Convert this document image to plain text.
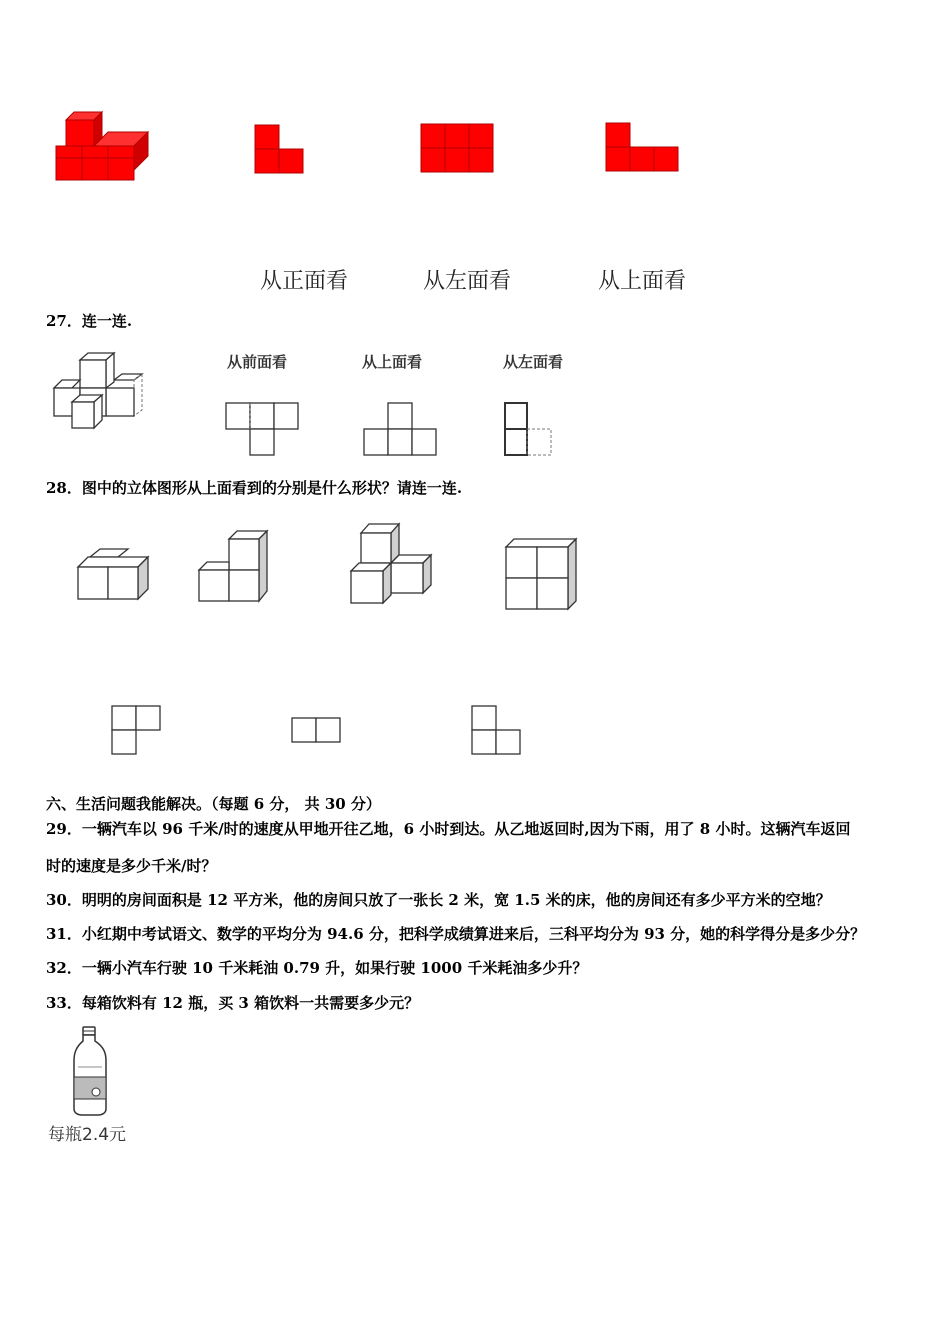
从正面看	从左面看	从上面看
27．连一连.
从前面看	从上面看	从左面看
28．图中的立体图形从上面看到的分别是什么形状？请连一连.
六、生活问题我能解决。（每题 6 分， 共 30 分）
29．一辆汽车以 96 千米/时的速度从甲地开往乙地，6 小时到达。从乙地返回时,因为下雨，用了 8 小时。这辆汽车返回
时的速度是多少千米/时？
30．明明的房间面积是 12 平方米，他的房间只放了一张长 2 米，宽 1.5 米的床，他的房间还有多少平方米的空地？
31．小红期中考试语文、数学的平均分为 94.6 分，把科学成绩算进来后，三科平均分为 93 分，她的科学得分是多少分？
32．一辆小汽车行驶 10 千米耗油 0.79 升，如果行驶 1000 千米耗油多少升？
33．每箱饮料有 12 瓶，买 3 箱饮料一共需要多少元？
每瓶2.4元
